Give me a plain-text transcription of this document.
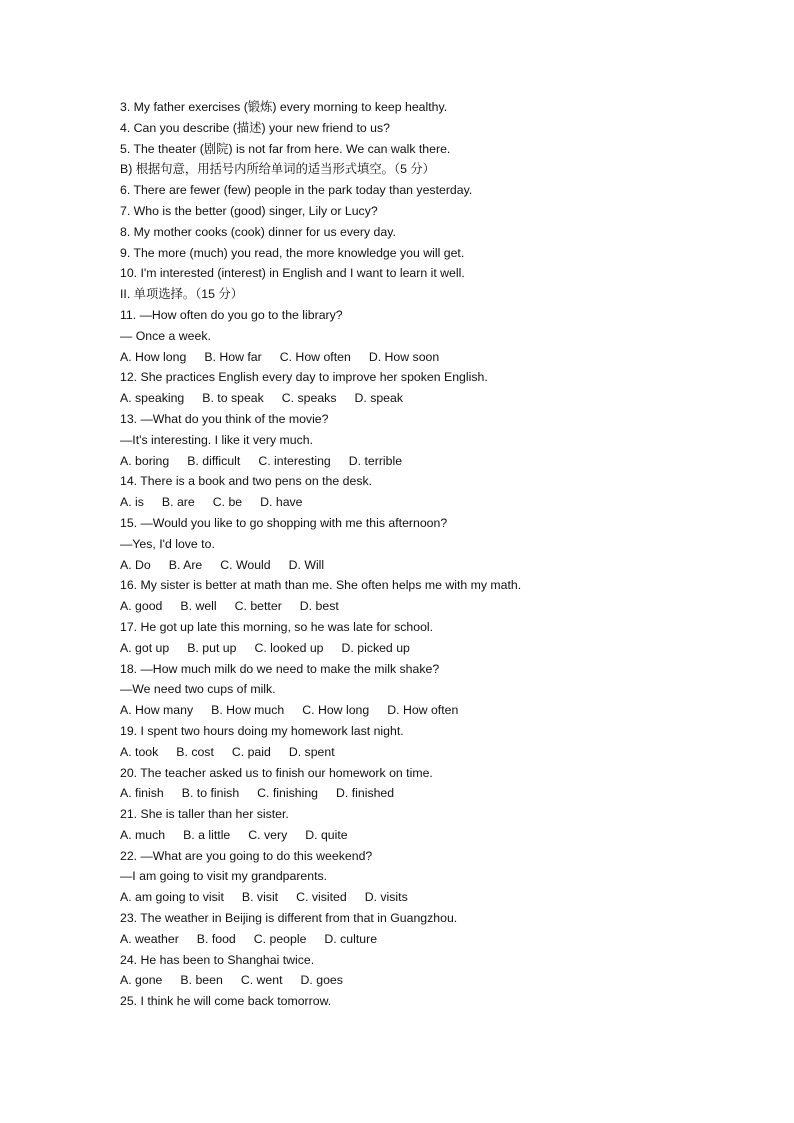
3. My father exercises (锻炼) every morning to keep healthy.
4. Can you describe (描述) your new friend to us?
5. The theater (剧院) is not far from here. We can walk there.
B) 根据句意，用括号内所给单词的适当形式填空。（5 分）
6. There are fewer (few) people in the park today than yesterday.
7. Who is the better (good) singer, Lily or Lucy?
8. My mother cooks (cook) dinner for us every day.
9. The more (much) you read, the more knowledge you will get.
10. I'm interested (interest) in English and I want to learn it well.
II. 单项选择。（15 分）
11. —How often do you go to the library?
— Once a week.
A. How long B. How far C. How often D. How soon
12. She practices English every day to improve her spoken English.
A. speaking B. to speak C. speaks D. speak
13. —What do you think of the movie?
—It's interesting. I like it very much.
A. boring B. difficult C. interesting D. terrible
14. There is a book and two pens on the desk.
A. is B. are C. be D. have
15. —Would you like to go shopping with me this afternoon?
—Yes, I'd love to.
A. Do B. Are C. Would D. Will
16. My sister is better at math than me. She often helps me with my math.
A. good B. well C. better D. best
17. He got up late this morning, so he was late for school.
A. got up B. put up C. looked up D. picked up
18. —How much milk do we need to make the milk shake?
—We need two cups of milk.
A. How many B. How much C. How long D. How often
19. I spent two hours doing my homework last night.
A. took B. cost C. paid D. spent
20. The teacher asked us to finish our homework on time.
A. finish B. to finish C. finishing D. finished
21. She is taller than her sister.
A. much B. a little C. very D. quite
22. —What are you going to do this weekend?
—I am going to visit my grandparents.
A. am going to visit B. visit C. visited D. visits
23. The weather in Beijing is different from that in Guangzhou.
A. weather B. food C. people D. culture
24. He has been to Shanghai twice.
A. gone B. been C. went D. goes
25. I think he will come back tomorrow.
